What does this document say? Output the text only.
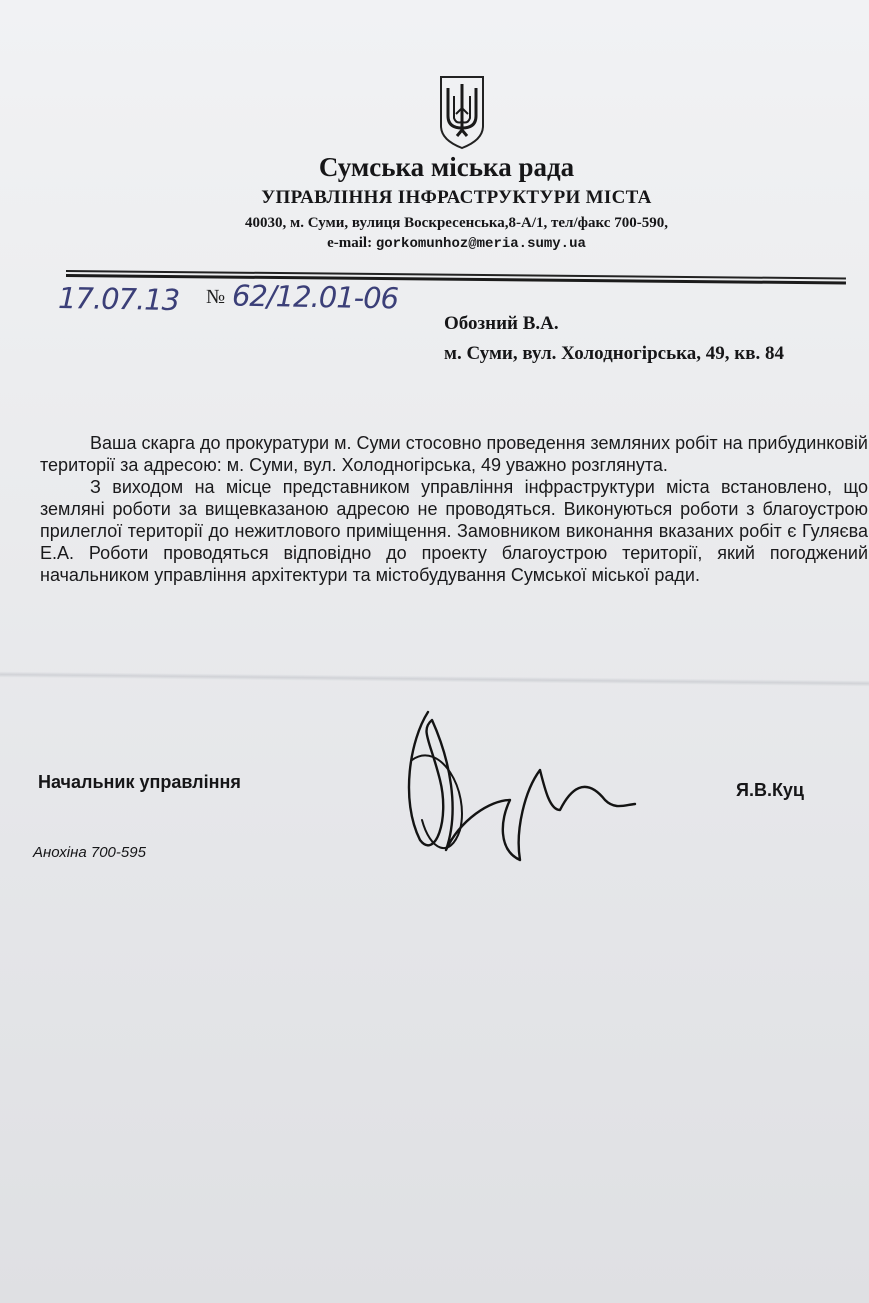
Сумська міська рада
УПРАВЛІННЯ ІНФРАСТРУКТУРИ МІСТА
40030, м. Суми, вулиця Воскресенська,8-А/1, тел/факс 700-590,
e-mail: gorkomunhoz@meria.sumy.ua
17.07.13 № 62/12.01-06
Обозний В.А.
м. Суми, вул. Холодногірська, 49, кв. 84

Ваша скарга до прокуратури м. Суми стосовно проведення земляних робіт на прибудинковій території за адресою: м. Суми, вул. Холодногірська, 49 уважно розглянута.

З виходом на місце представником управління інфраструктури міста встановлено, що земляні роботи за вищевказаною адресою не проводяться. Виконуються роботи з благоустрою прилеглої території до нежитлового приміщення. Замовником виконання вказаних робіт є Гуляєва Е.А. Роботи проводяться відповідно до проекту благоустрою території, який погоджений начальником управління архітектури та містобудування Сумської міської ради.

Начальник управління	Я.В.Куц
Анохіна 700-595
